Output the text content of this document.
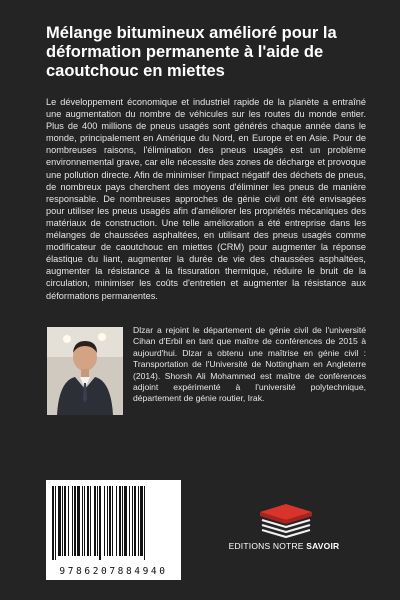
Mélange bitumineux amélioré pour la déformation permanente à l'aide de caoutchouc en miettes

Le développement économique et industriel rapide de la planète a entraîné une augmentation du nombre de véhicules sur les routes du monde entier. Plus de 400 millions de pneus usagés sont générés chaque année dans le monde, principalement en Amérique du Nord, en Europe et en Asie. Pour de nombreuses raisons, l'élimination des pneus usagés est un problème environnemental grave, car elle nécessite des zones de décharge et provoque une pollution directe. Afin de minimiser l'impact négatif des déchets de pneus, de nombreux pays cherchent des moyens d'éliminer les pneus de manière responsable. De nombreuses approches de génie civil ont été envisagées pour utiliser les pneus usagés afin d'améliorer les propriétés mécaniques des matériaux de construction. Une telle amélioration a été entreprise dans les mélanges de chaussées asphaltées, en utilisant des pneus usagés comme modificateur de caoutchouc en miettes (CRM) pour augmenter la réponse élastique du liant, augmenter la durée de vie des chaussées asphaltées, augmenter la résistance à la fissuration thermique, réduire le bruit de la circulation, minimiser les coûts d'entretien et augmenter la résistance aux déformations permanentes.

Dlzar a rejoint le département de génie civil de l'université Cihan d'Erbil en tant que maître de conférences de 2015 à aujourd'hui. Dlzar a obtenu une maîtrise en génie civil : Transportation de l'Université de Nottingham en Angleterre (2014). Shorsh Ali Mohammed est maître de conférences adjoint expérimenté à l'université polytechnique, département de génie routier, Irak.

9786207884940
EDITIONS NOTRE SAVOIR
